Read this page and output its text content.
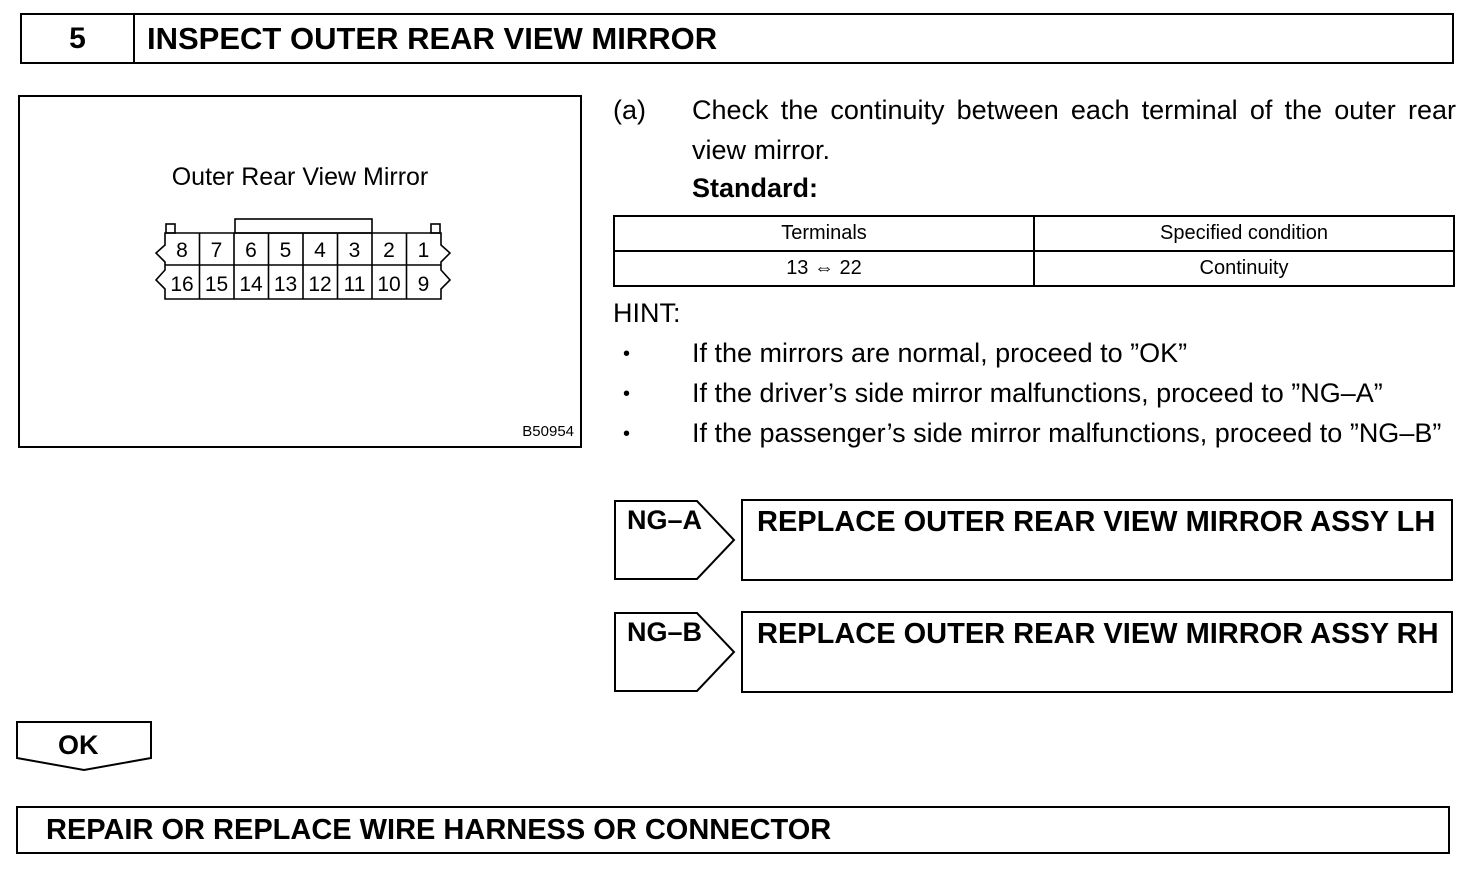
5	INSPECT OUTER REAR VIEW MIRROR
Outer Rear View Mirror
8 7 6 5 4 3 2 1
16 15 14 13 12 11 10 9
B50954
(a) Check the continuity between each terminal of the outer rear view mirror.
Standard:
Terminals	Specified condition
13 ⇔ 22	Continuity
HINT:
• If the mirrors are normal, proceed to ”OK”
• If the driver’s side mirror malfunctions, proceed to ”NG–A”
• If the passenger’s side mirror malfunctions, proceed to ”NG–B”
NG–A REPLACE OUTER REAR VIEW MIRROR ASSY LH
NG–B REPLACE OUTER REAR VIEW MIRROR ASSY RH
OK
REPAIR OR REPLACE WIRE HARNESS OR CONNECTOR
